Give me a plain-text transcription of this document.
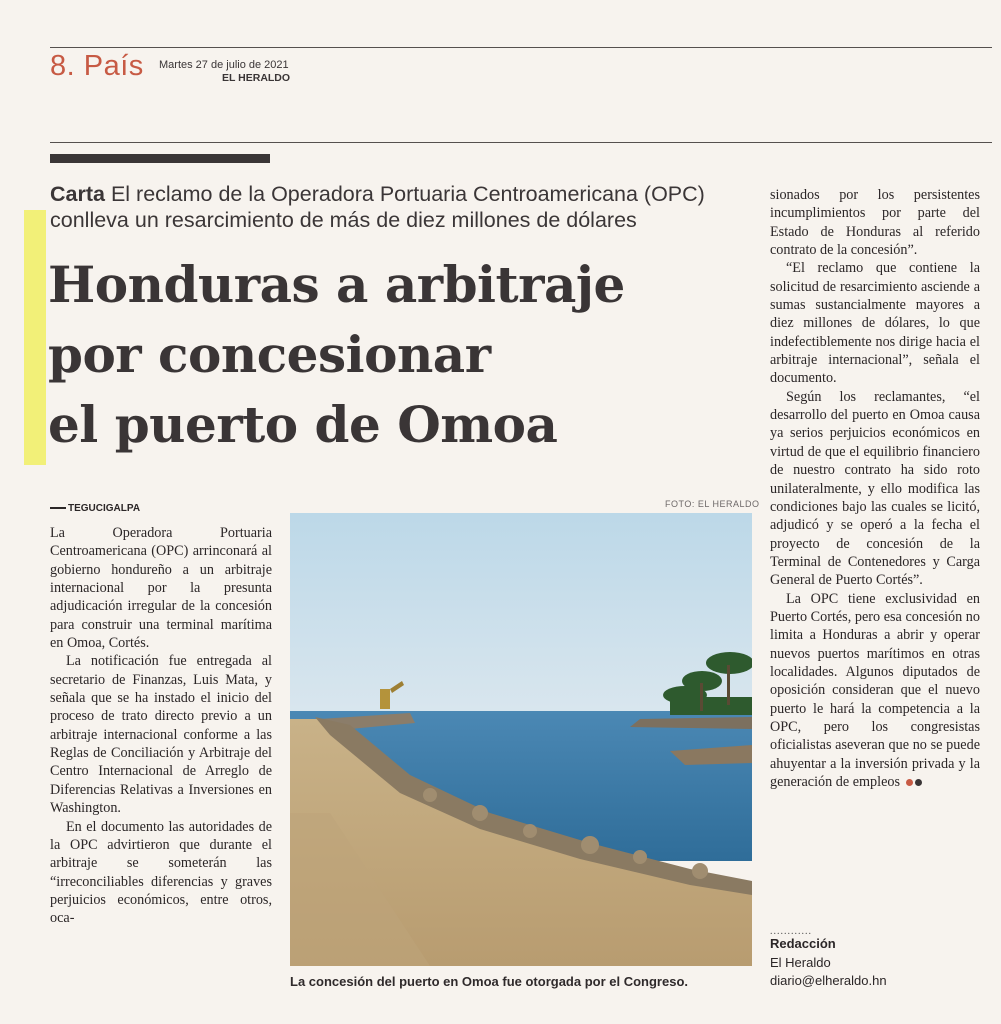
8. País Martes 27 de julio de 2021
EL HERALDO
Carta El reclamo de la Operadora Portuaria Centroamericana (OPC) conlleva un resarcimiento de más de diez millones de dólares
Honduras a arbitraje
por concesionar
el puerto de Omoa
TEGUCIGALPA

La Operadora Portuaria Centroamericana (OPC) arrinconará al gobierno hondureño a un arbitraje internacional por la presunta adjudicación irregular de la concesión para construir una terminal marítima en Omoa, Cortés.

La notificación fue entregada al secretario de Finanzas, Luis Mata, y señala que se ha instado el inicio del proceso de trato directo previo a un arbitraje internacional conforme a las Reglas de Conciliación y Arbitraje del Centro Internacional de Arreglo de Diferencias Relativas a Inversiones en Washington.

En el documento las autoridades de la OPC advirtieron que durante el arbitraje se someterán las “irreconciliables diferencias y graves perjuicios económicos, entre otros, oca-

FOTO: EL HERALDO
La concesión del puerto en Omoa fue otorgada por el Congreso.

sionados por los persistentes incumplimientos por parte del Estado de Honduras al referido contrato de la concesión”.

“El reclamo que contiene la solicitud de resarcimiento asciende a sumas sustancialmente mayores a diez millones de dólares, lo que indefectiblemente nos dirige hacia el arbitraje internacional”, señala el documento.

Según los reclamantes, “el desarrollo del puerto en Omoa causa ya serios perjuicios económicos en virtud de que el equilibrio financiero de nuestro contrato ha sido roto unilateralmente, y ello modifica las condiciones bajo las cuales se licitó, adjudicó y se operó a la fecha el proyecto de concesión de la Terminal de Contenedores y Carga General de Puerto Cortés”.

La OPC tiene exclusividad en Puerto Cortés, pero esa concesión no limita a Honduras a abrir y operar nuevos puertos marítimos en otras localidades. Algunos diputados de oposición consideran que el nuevo puerto le hará la competencia a la OPC, pero los congresistas oficialistas aseveran que no se puede ahuyentar a la inversión privada y la generación de empleos

............
Redacción
El Heraldo
diario@elheraldo.hn
